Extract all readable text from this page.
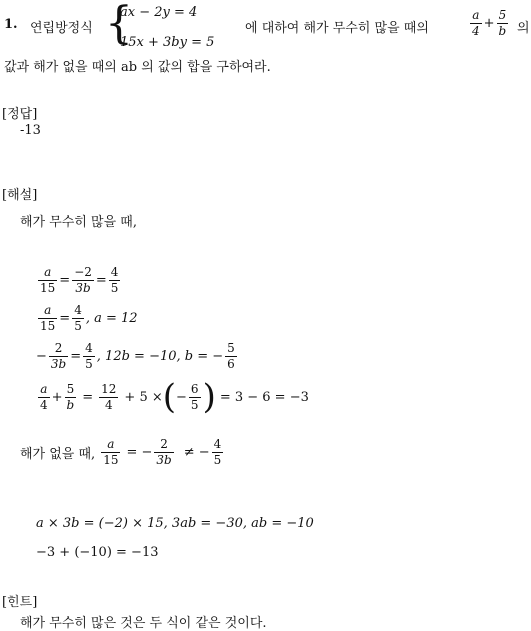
1. 연립방정식 {
ax − 2y = 4
15x + 3by = 5
에 대하여 해가 무수히 많을 때의	$\frac{a}{4} + \frac{5}{b}$ 의
값과 해가 없을 때의 ab 의 값의 합을 구하여라.
[정답]
-13
[해설]
해가 무수히 많을 때,
$\frac{a}{15} = \frac{-2}{3b} = \frac{4}{5}$
$\frac{a}{15} = \frac{4}{5}$ , a = 12
− $\frac{2}{3b} = \frac{4}{5}$ , 12b = −10, b = − $\frac{5}{6}$
$\frac{a}{4} + \frac{5}{b} = \frac{12}{4} + 5$ × ( − $\frac{6}{5}$ ) = 3 − 6 = −3
해가 없을 때, $\frac{a}{15}$ = − $\frac{2}{3b}$ ≠ − $\frac{4}{5}$
a × 3b = (−2) × 15, 3ab = −30, ab = −10
−3 + (−10) = −13
[힌트]
해가 무수히 많은 것은 두 식이 같은 것이다.
